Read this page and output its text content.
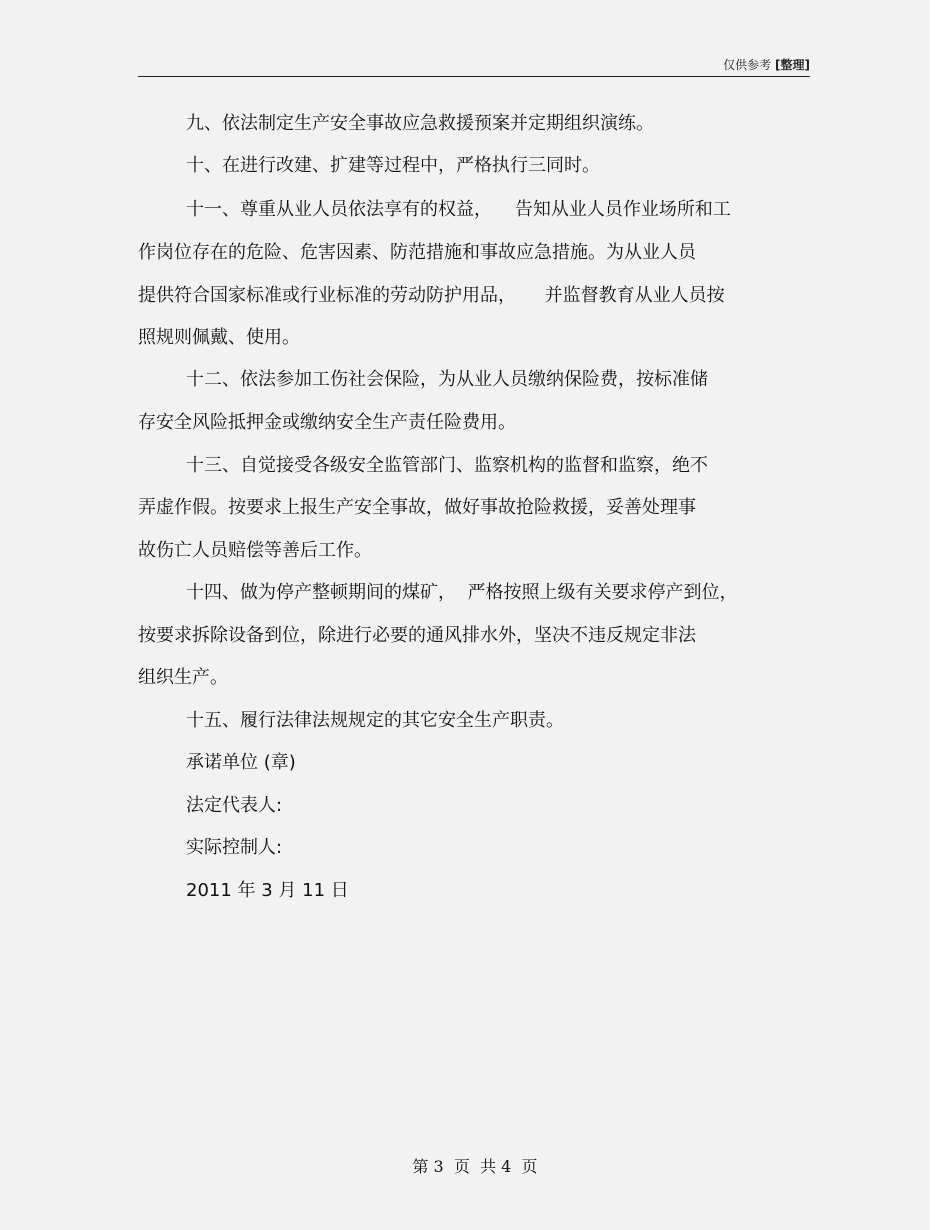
仅供参考 [整理]
九、依法制定生产安全事故应急救援预案并定期组织演练。
十、在进行改建、扩建等过程中，严格执行三同时。
十一、尊重从业人员依法享有的权益，    告知从业人员作业场所和工
作岗位存在的危险、危害因素、防范措施和事故应急措施。为从业人员
提供符合国家标准或行业标准的劳动防护用品，     并监督教育从业人员按
照规则佩戴、使用。
十二、依法参加工伤社会保险，为从业人员缴纳保险费，按标准储
存安全风险抵押金或缴纳安全生产责任险费用。
十三、自觉接受各级安全监管部门、监察机构的监督和监察，绝不
弄虚作假。按要求上报生产安全事故，做好事故抢险救援，妥善处理事
故伤亡人员赔偿等善后工作。
十四、做为停产整顿期间的煤矿，  严格按照上级有关要求停产到位，
按要求拆除设备到位，除进行必要的通风排水外，坚决不违反规定非法
组织生产。
十五、履行法律法规规定的其它安全生产职责。
承诺单位 (章)
法定代表人:
实际控制人:
2011 年 3 月 11 日
第 3  页  共 4  页
